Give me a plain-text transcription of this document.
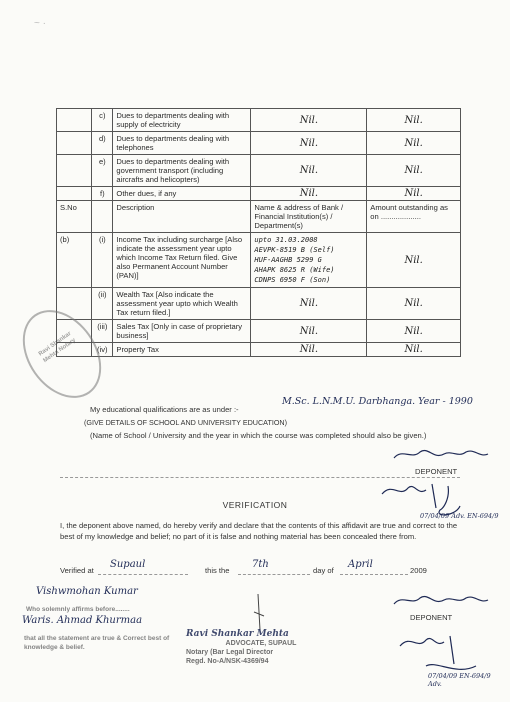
~ ·
	c)	Dues to departments dealing with supply of electricity	Nil.	Nil.
	d)	Dues to departments dealing with telephones	Nil.	Nil.
	e)	Dues to departments dealing with government transport (including aircrafts and helicopters)	Nil.	Nil.
	f)	Other dues, if any	Nil.	Nil.
S.No		Description	Name & address of Bank / Financial Institution(s) / Department(s)	Amount outstanding as on ...................
(b)	(i)	Income Tax including surcharge [Also indicate the assessment year upto which Income Tax Return filed. Give also Permanent Account Number (PAN)]	upto 31.03.2008
AEVPK-8519 B (Self)
HUF-AAGHB 5299 G
AHAPK 8625 R (Wife)
CDNPS 6950 F (Son)	Nil.
	(ii)	Wealth Tax [Also indicate the assessment year upto which Wealth Tax return filed.]	Nil.	Nil.
	(iii)	Sales Tax [Only in case of proprietary business]	Nil.	Nil.
	(iv)	Property Tax	Nil.	Nil.
Ravi Shankar Mehta Notary
My educational qualifications are as under :-
M.Sc. L.N.M.U. Darbhanga. Year - 1990
(GIVE DETAILS OF SCHOOL AND UNIVERSITY EDUCATION)
(Name of School / University and the year in which the course was completed should also be given.)
DEPONENT
07/04/09 Adv. EN-694/9
VERIFICATION
I, the deponent above named, do hereby verify and declare that the contents of this affidavit are true and correct to the best of my knowledge and belief; no part of it is false and nothing material has been concealed there from.
Verified at
Supaul
this the
7th
day of
April
2009
Vishwmohan Kumar
Who solemnly affirms before........
Waris. Ahmad Khurmaa
that all the statement are true & Correct best of knowledge & belief.
DEPONENT
Ravi Shankar Mehta
ADVOCATE, SUPAUL
Notary (Bar Legal Director
Regd. No-A/NSK-4369/94
07/04/09 EN-694/9 Adv.
